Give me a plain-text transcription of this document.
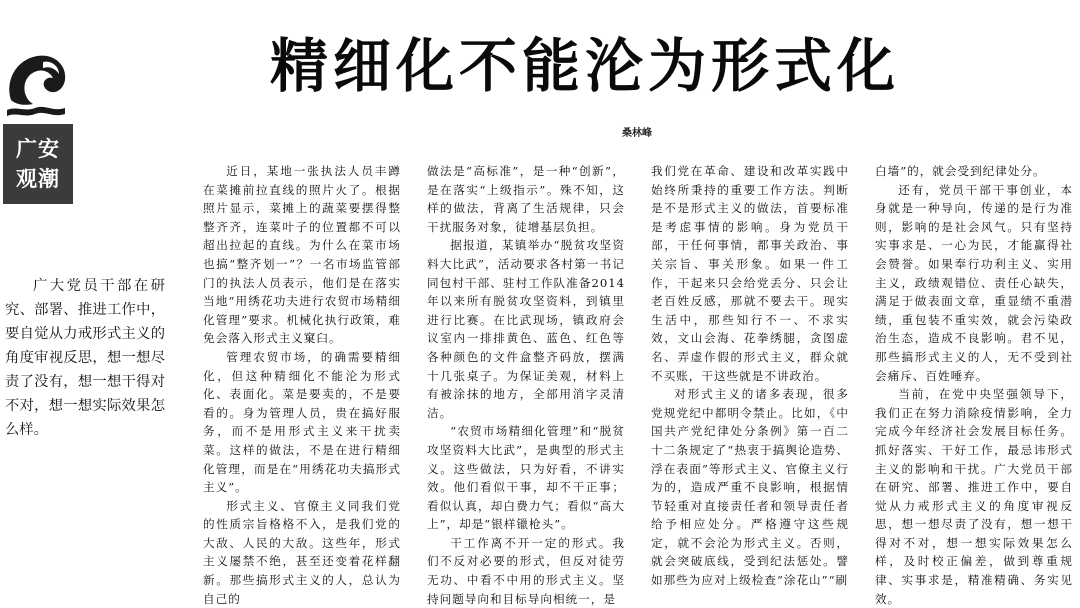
广安
观潮
精细化不能沦为形式化
桑林峰

广大党员干部在研究、部署、推进工作中，要自觉从力戒形式主义的角度审视反思，想一想尽责了没有，想一想干得对不对，想一想实际效果怎么样。

近日，某地一张执法人员丰蹲在菜摊前拉直线的照片火了。根据照片显示，菜摊上的蔬菜要摆得整整齐齐，连菜叶子的位置都不可以超出拉起的直线。为什么在菜市场也搞“整齐划一”？一名市场监管部门的执法人员表示，他们是在落实当地“用绣花功夫进行农贸市场精细化管理”要求。机械化执行政策，难免会落入形式主义窠臼。

管理农贸市场，的确需要精细化，但这种精细化不能沦为形式化、表面化。菜是要卖的，不是要看的。身为管理人员，贵在搞好服务，而不是用形式主义来干扰卖菜。这样的做法，不是在进行精细化管理，而是在“用绣花功夫搞形式主义”。

形式主义、官僚主义同我们党的性质宗旨格格不入，是我们党的大敌、人民的大敌。这些年，形式主义屡禁不绝，甚至还变着花样翻新。那些搞形式主义的人，总认为自己的

做法是“高标准”，是一种“创新”，是在落实“上级指示”。殊不知，这样的做法，背离了生活规律，只会干扰服务对象，徒增基层负担。

据报道，某镇举办“脱贫攻坚资料大比武”，活动要求各村第一书记同包村干部、驻村工作队准备2014年以来所有脱贫攻坚资料，到镇里进行比赛。在比武现场，镇政府会议室内一排排黄色、蓝色、红色等各种颜色的文件盒整齐码放，摆满十几张桌子。为保证美观，材料上有被涂抹的地方，全部用消字灵清洁。

“农贸市场精细化管理”和“脱贫攻坚资料大比武”，是典型的形式主义。这些做法，只为好看，不讲实效。他们看似干事，却不干正事；看似认真，却白费力气；看似“高大上”，却是“银样镴枪头”。

干工作离不开一定的形式。我们不反对必要的形式，但反对徒劳无功、中看不中用的形式主义。坚持问题导向和目标导向相统一，是

我们党在革命、建设和改革实践中始终所秉持的重要工作方法。判断是不是形式主义的做法，首要标准是考虑事情的影响。身为党员干部，干任何事情，都事关政治、事关宗旨、事关形象。如果一件工作，干起来只会给党丢分、只会让老百姓反感，那就不要去干。现实生活中，那些知行不一、不求实效，文山会海、花拳绣腿，贪图虚名、弄虚作假的形式主义，群众就不买账，干这些就是不讲政治。

对形式主义的诸多表现，很多党规党纪中都明令禁止。比如，《中国共产党纪律处分条例》第一百二十二条规定了“热衷于搞舆论造势、浮在表面”等形式主义、官僚主义行为的，造成严重不良影响，根据情节轻重对直接责任者和领导责任者给予相应处分。严格遵守这些规定，就不会沦为形式主义。否则，就会突破底线，受到纪法惩处。譬如那些为应对上级检查“涂花山”“刷

白墙”的，就会受到纪律处分。

还有，党员干部干事创业，本身就是一种导向，传递的是行为准则，影响的是社会风气。只有坚持实事求是、一心为民，才能赢得社会赞誉。如果奉行功利主义、实用主义，政绩观错位、责任心缺失，满足于做表面文章，重显绩不重潜绩，重包装不重实效，就会污染政治生态，造成不良影响。君不见，那些搞形式主义的人，无不受到社会痛斥、百姓唾弃。

当前，在党中央坚强领导下，我们正在努力消除疫情影响，全力完成今年经济社会发展目标任务。抓好落实、干好工作，最忌讳形式主义的影响和干扰。广大党员干部在研究、部署、推进工作中，要自觉从力戒形式主义的角度审视反思，想一想尽责了没有，想一想干得对不对，想一想实际效果怎么样，及时校正偏差，做到尊重规律、实事求是，精准精确、务实见效。
